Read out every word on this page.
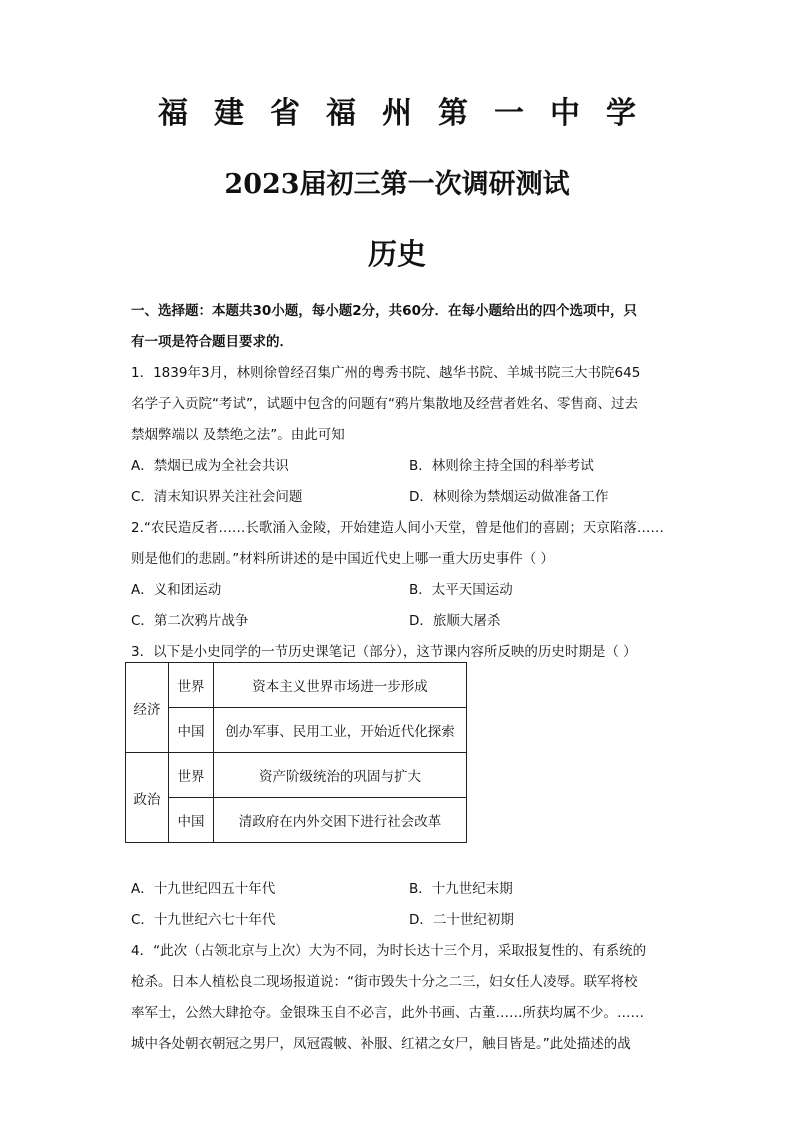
福建省福州第一中学
2023届初三第一次调研测试
历史
一、选择题：本题共30小题，每小题2分，共60分．在每小题给出的四个选项中，只
有一项是符合题目要求的．
1．1839年3月，林则徐曾经召集广州的粤秀书院、越华书院、羊城书院三大书院645
名学子入贡院“考试”，试题中包含的问题有“鸦片集散地及经营者姓名、零售商、过去
禁烟弊端以 及禁绝之法”。由此可知
A．禁烟已成为全社会共识	B．林则徐主持全国的科举考试
C．清末知识界关注社会问题	D．林则徐为禁烟运动做准备工作
2.“农民造反者……长歌涌入金陵，开始建造人间小天堂，曾是他们的喜剧；天京陷落……
则是他们的悲剧。”材料所讲述的是中国近代史上哪一重大历史事件（ ）
A．义和团运动	B．太平天国运动
C．第二次鸦片战争	D．旅顺大屠杀
3．以下是小史同学的一节历史课笔记（部分），这节课内容所反映的历史时期是（ ）
经济	世界	资本主义世界市场进一步形成
	中国	创办军事、民用工业，开始近代化探索
政治	世界	资产阶级统治的巩固与扩大
	中国	清政府在内外交困下进行社会改革
A．十九世纪四五十年代	B．十九世纪末期
C．十九世纪六七十年代	D．二十世纪初期
4．“此次（占领北京与上次）大为不同，为时长达十三个月，采取报复性的、有系统的
枪杀。日本人植松良二现场报道说：“街市毁失十分之二三，妇女任人凌辱。联军将校
率军士，公然大肆抢夺。金银珠玉自不必言，此外书画、古董……所获均属不少。……
城中各处朝衣朝冠之男尸，凤冠霞帔、补服、红裙之女尸，触目皆是。”此处描述的战
